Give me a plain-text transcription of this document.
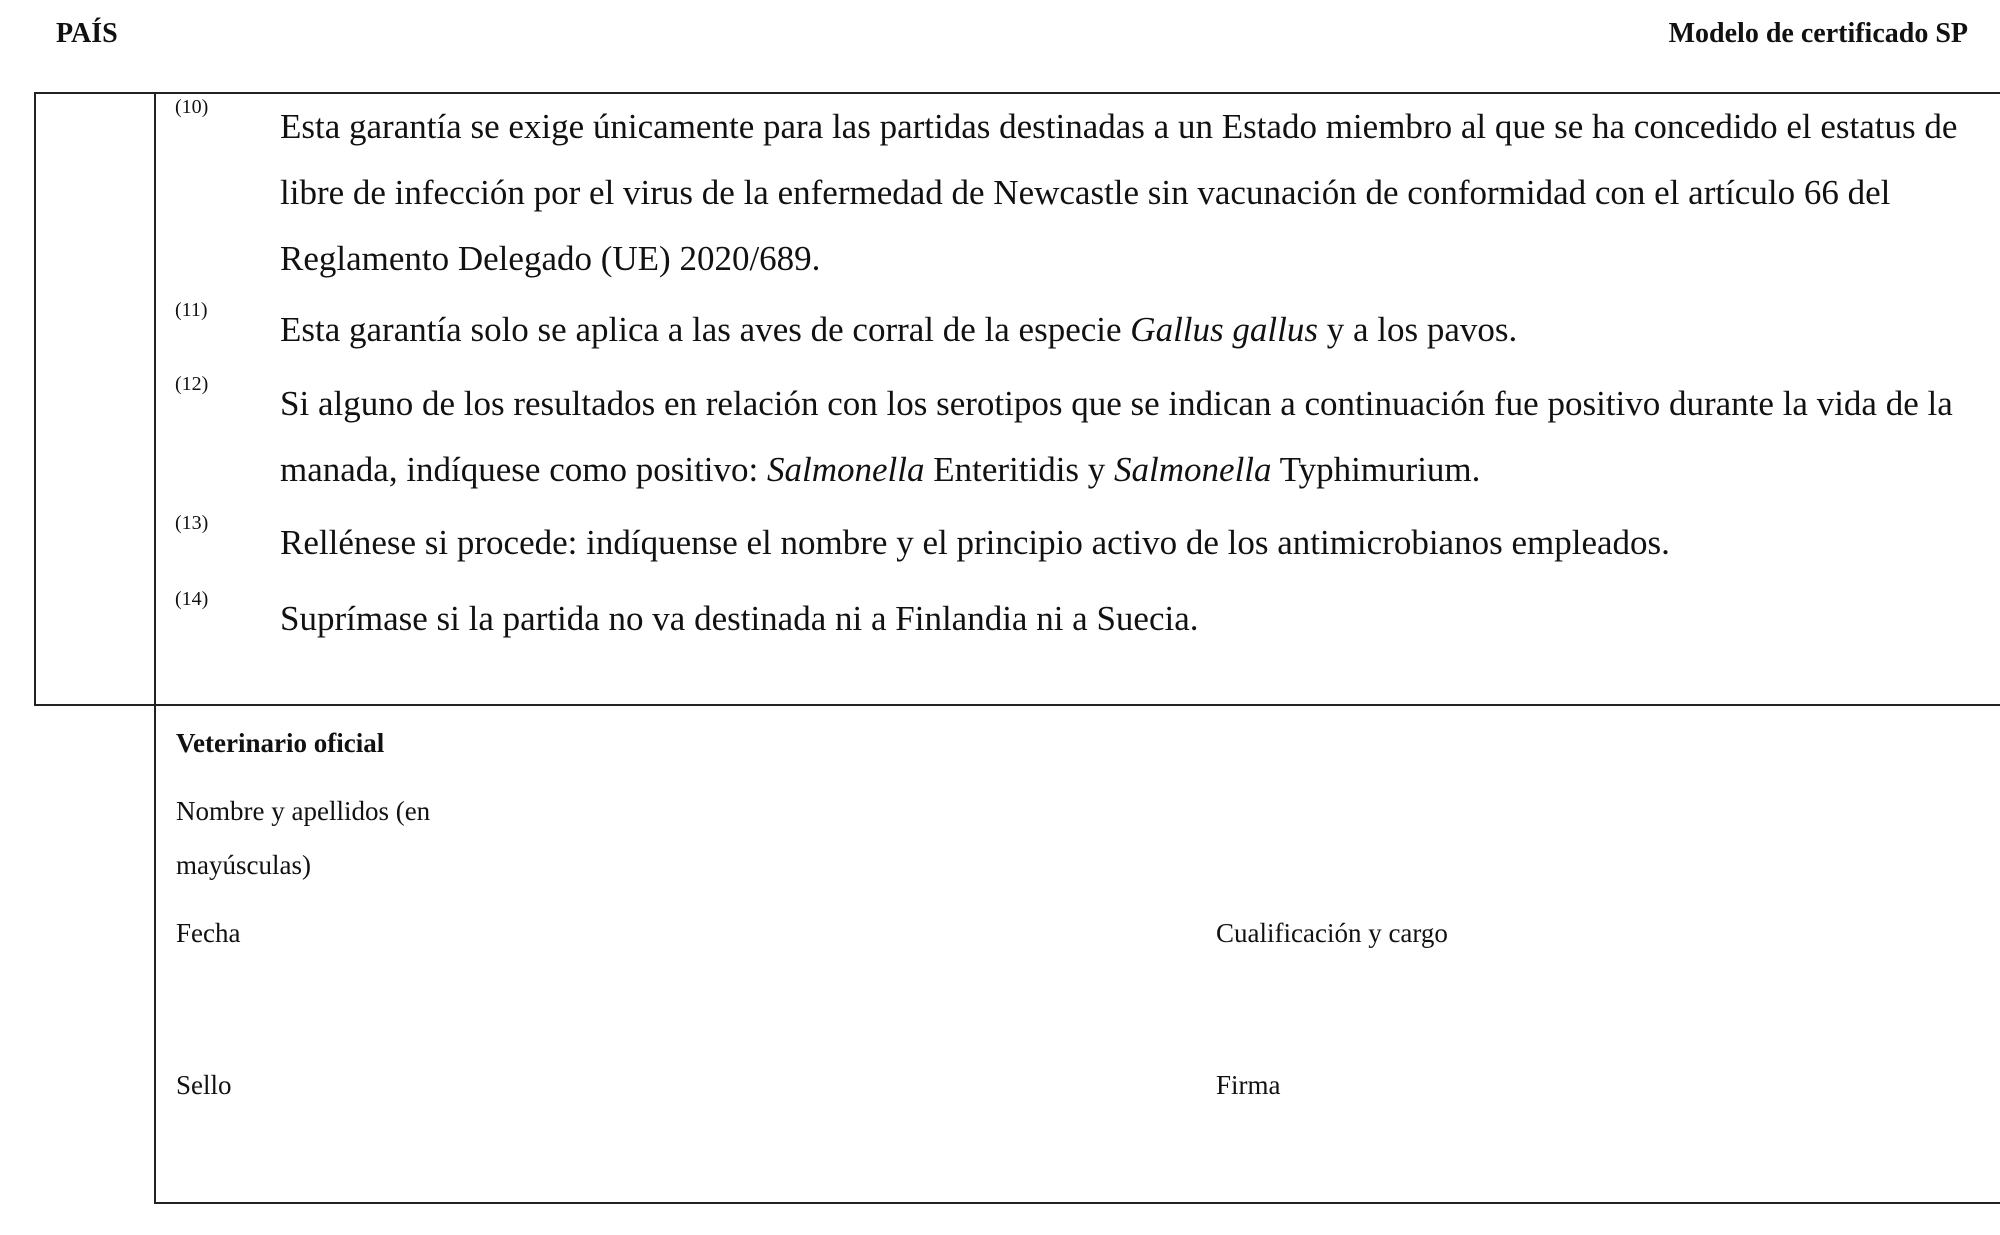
PAÍS	Modelo de certificado SP
(10) Esta garantía se exige únicamente para las partidas destinadas a un Estado miembro al que se ha concedido el estatus de libre de infección por el virus de la enfermedad de Newcastle sin vacunación de conformidad con el artículo 66 del Reglamento Delegado (UE) 2020/689.
(11) Esta garantía solo se aplica a las aves de corral de la especie Gallus gallus y a los pavos.
(12) Si alguno de los resultados en relación con los serotipos que se indican a continuación fue positivo durante la vida de la manada, indíquese como positivo: Salmonella Enteritidis y Salmonella Typhimurium.
(13) Rellénese si procede: indíquense el nombre y el principio activo de los antimicrobianos empleados.
(14) Suprímase si la partida no va destinada ni a Finlandia ni a Suecia.
Veterinario oficial
Nombre y apellidos (en
mayúsculas)
Fecha	Cualificación y cargo
Sello	Firma
